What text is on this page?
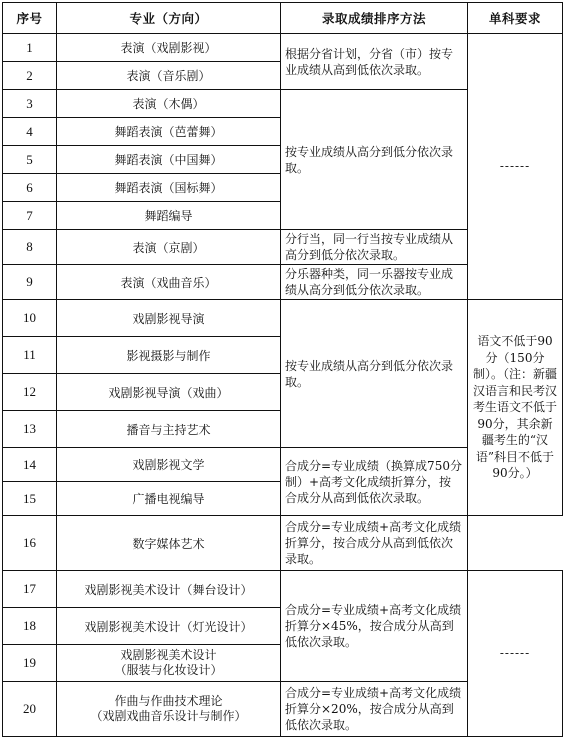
序号	专业（方向）	录取成绩排序方法	单科要求
1	表演（戏剧影视）	根据分省计划，分省（市）按专业成绩从高到低依次录取。	------
2	表演（音乐剧）		
3	表演（木偶）	按专业成绩从高分到低分依次录取。	
4	舞蹈表演（芭蕾舞）		
5	舞蹈表演（中国舞）		
6	舞蹈表演（国标舞）		
7	舞蹈编导		
8	表演（京剧）	分行当，同一行当按专业成绩从高分到低分依次录取。	
9	表演（戏曲音乐）	分乐器种类，同一乐器按专业成绩从高分到低分依次录取。	
10	戏剧影视导演	按专业成绩从高分到低分依次录取。	语文不低于90分（150分制）。（注：新疆汉语言和民考汉考生语文不低于90分，其余新疆考生的“汉语”科目不低于90分。）
11	影视摄影与制作		
12	戏剧影视导演（戏曲）		
13	播音与主持艺术		
14	戏剧影视文学	合成分=专业成绩（换算成750分制）+高考文化成绩折算分，按合成分从高到低依次录取。	
15	广播电视编导		
16	数字媒体艺术	合成分=专业成绩+高考文化成绩折算分，按合成分从高到低依次录取。	
17	戏剧影视美术设计（舞台设计）	合成分=专业成绩+高考文化成绩折算分×45%，按合成分从高到低依次录取。	------
18	戏剧影视美术设计（灯光设计）		
19	戏剧影视美术设计
（服装与化妆设计）		

20	作曲与作曲技术理论
（戏剧戏曲音乐设计与制作）	合成分=专业成绩+高考文化成绩折算分×20%，按合成分从高到低依次录取。	
